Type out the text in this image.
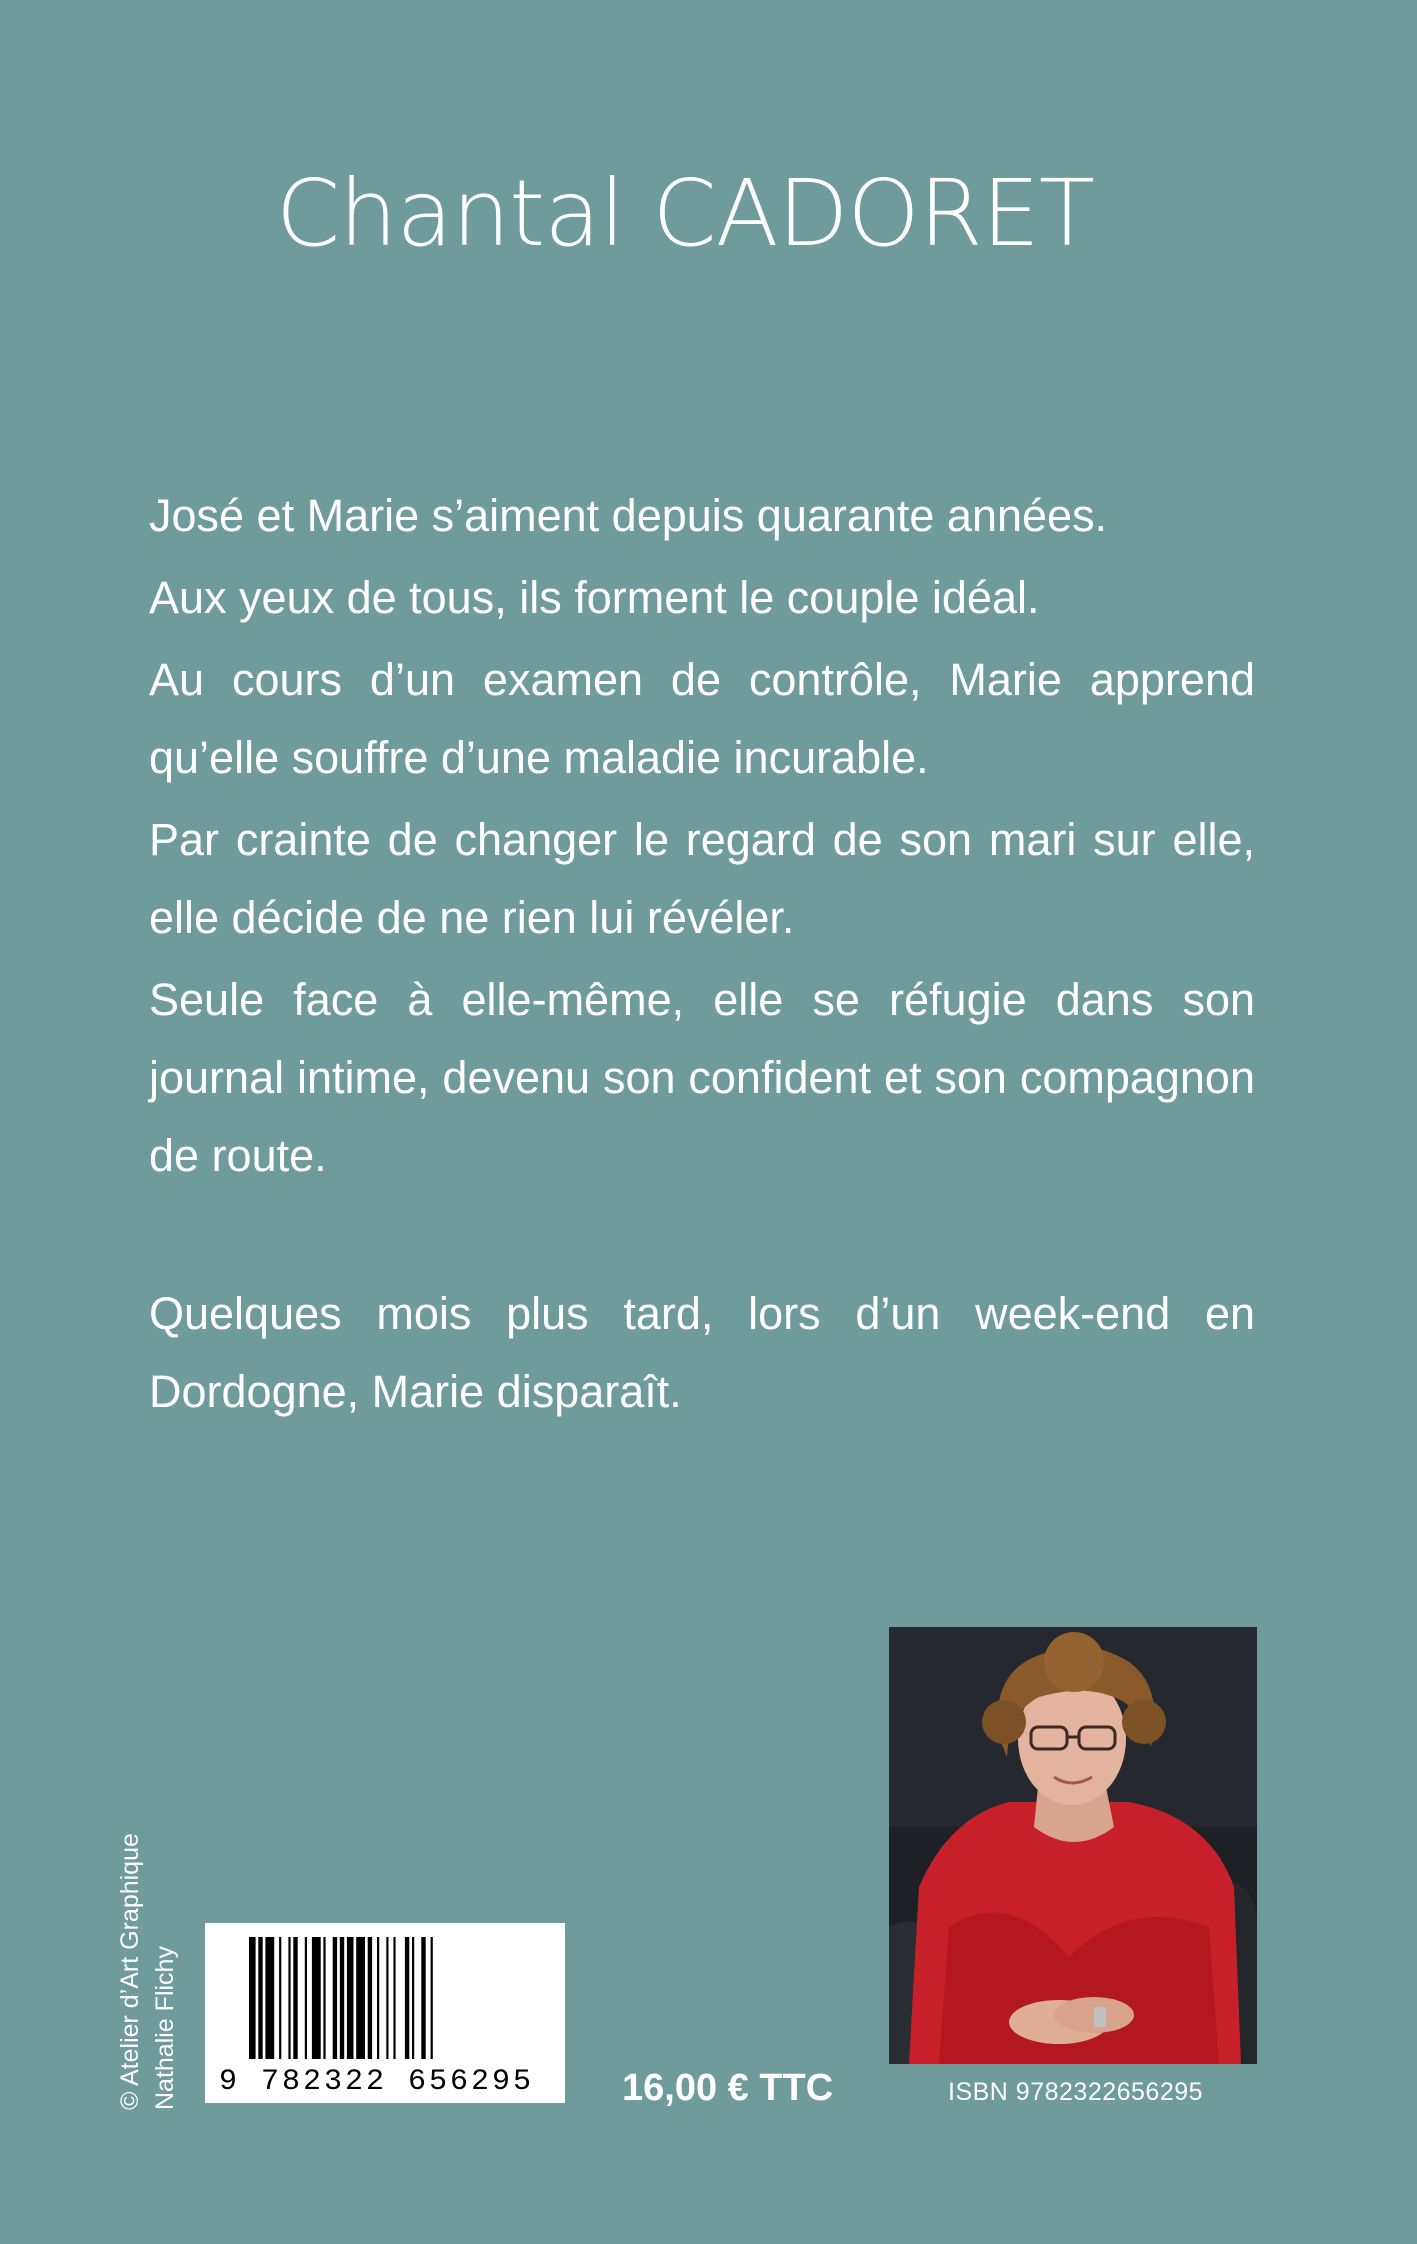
Chantal CADORET

José et Marie s’aiment depuis quarante années.

Aux yeux de tous, ils forment le couple idéal.

Au cours d’un examen de contrôle, Marie apprend qu’elle souffre d’une maladie incurable.

Par crainte de changer le regard de son mari sur elle, elle décide de ne rien lui révéler.

Seule face à elle-même, elle se réfugie dans son journal intime, devenu son confident et son compagnon de route.

Quelques mois plus tard, lors d’un week-end en Dordogne, Marie disparaît.

9 782322 656295 16,00 € TTC	ISBN 9782322656295
© Atelier d’Art Graphique Nathalie Flichy
